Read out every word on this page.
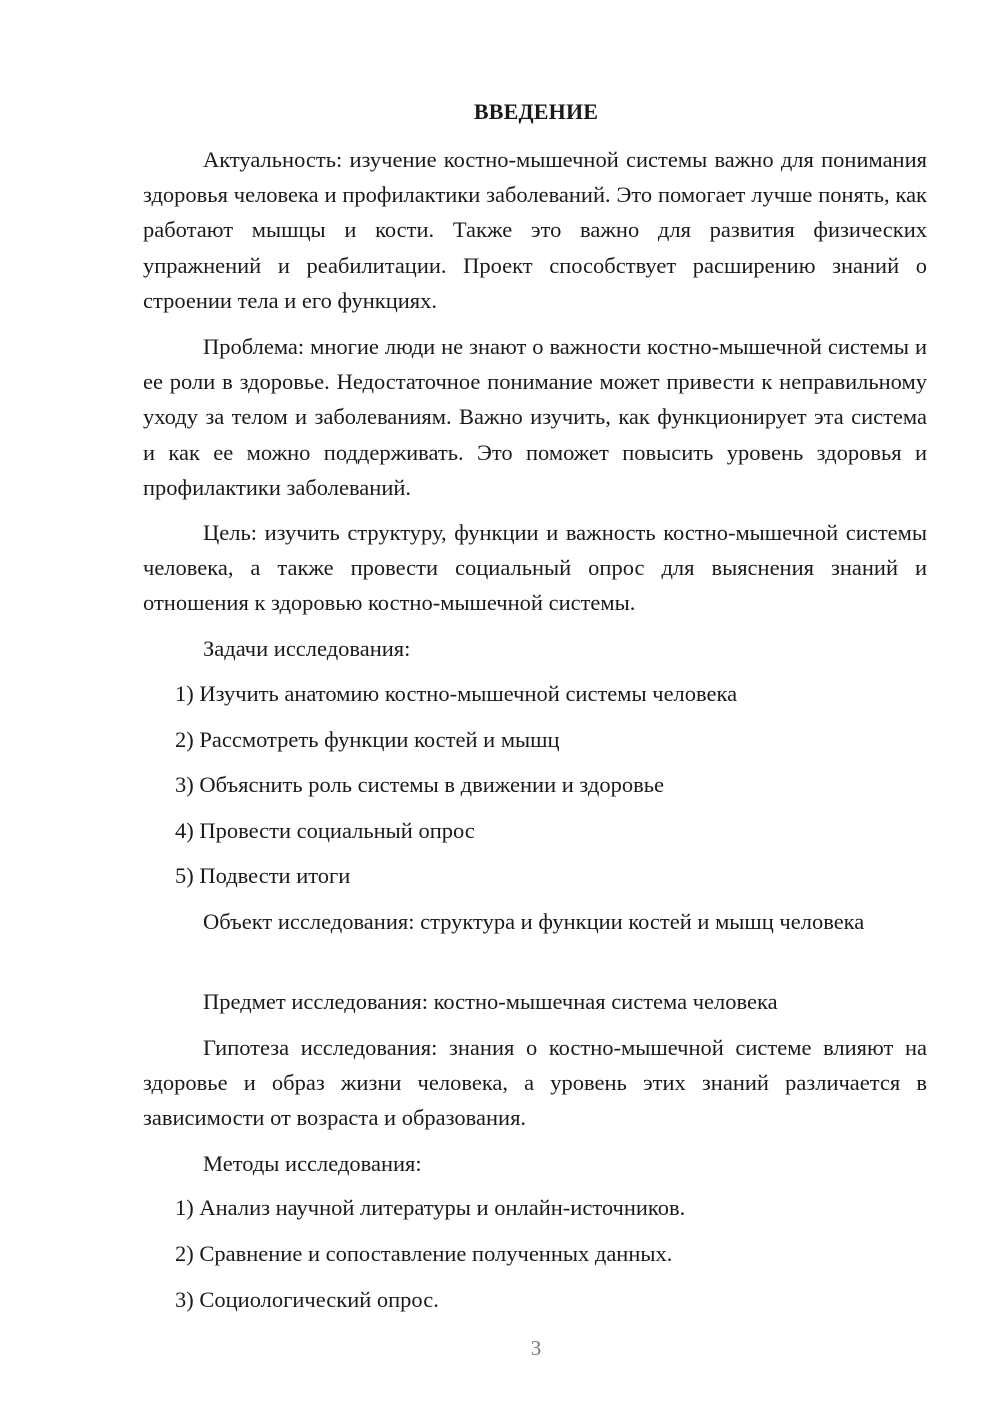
ВВЕДЕНИЕ

Актуальность: изучение костно-мышечной системы важно для понимания здоровья человека и профилактики заболеваний. Это помогает лучше понять, как работают мышцы и кости. Также это важно для развития физических упражнений и реабилитации. Проект способствует расширению знаний о строении тела и его функциях.

Проблема: многие люди не знают о важности костно-мышечной системы и ее роли в здоровье. Недостаточное понимание может привести к неправильному уходу за телом и заболеваниям. Важно изучить, как функционирует эта система и как ее можно поддерживать. Это поможет повысить уровень здоровья и профилактики заболеваний.

Цель: изучить структуру, функции и важность костно-мышечной системы человека, а также провести социальный опрос для выяснения знаний и отношения к здоровью костно-мышечной системы.

Задачи исследования:

1) Изучить анатомию костно-мышечной системы человека

2) Рассмотреть функции костей и мышц

3) Объяснить роль системы в движении и здоровье

4) Провести социальный опрос

5) Подвести итоги

Объект исследования: структура и функции костей и мышц человека

Предмет исследования: костно-мышечная система человека

Гипотеза исследования: знания о костно-мышечной системе влияют на здоровье и образ жизни человека, а уровень этих знаний различается в зависимости от возраста и образования.

Методы исследования:

1) Анализ научной литературы и онлайн-источников.

2) Сравнение и сопоставление полученных данных.

3) Социологический опрос.

3
